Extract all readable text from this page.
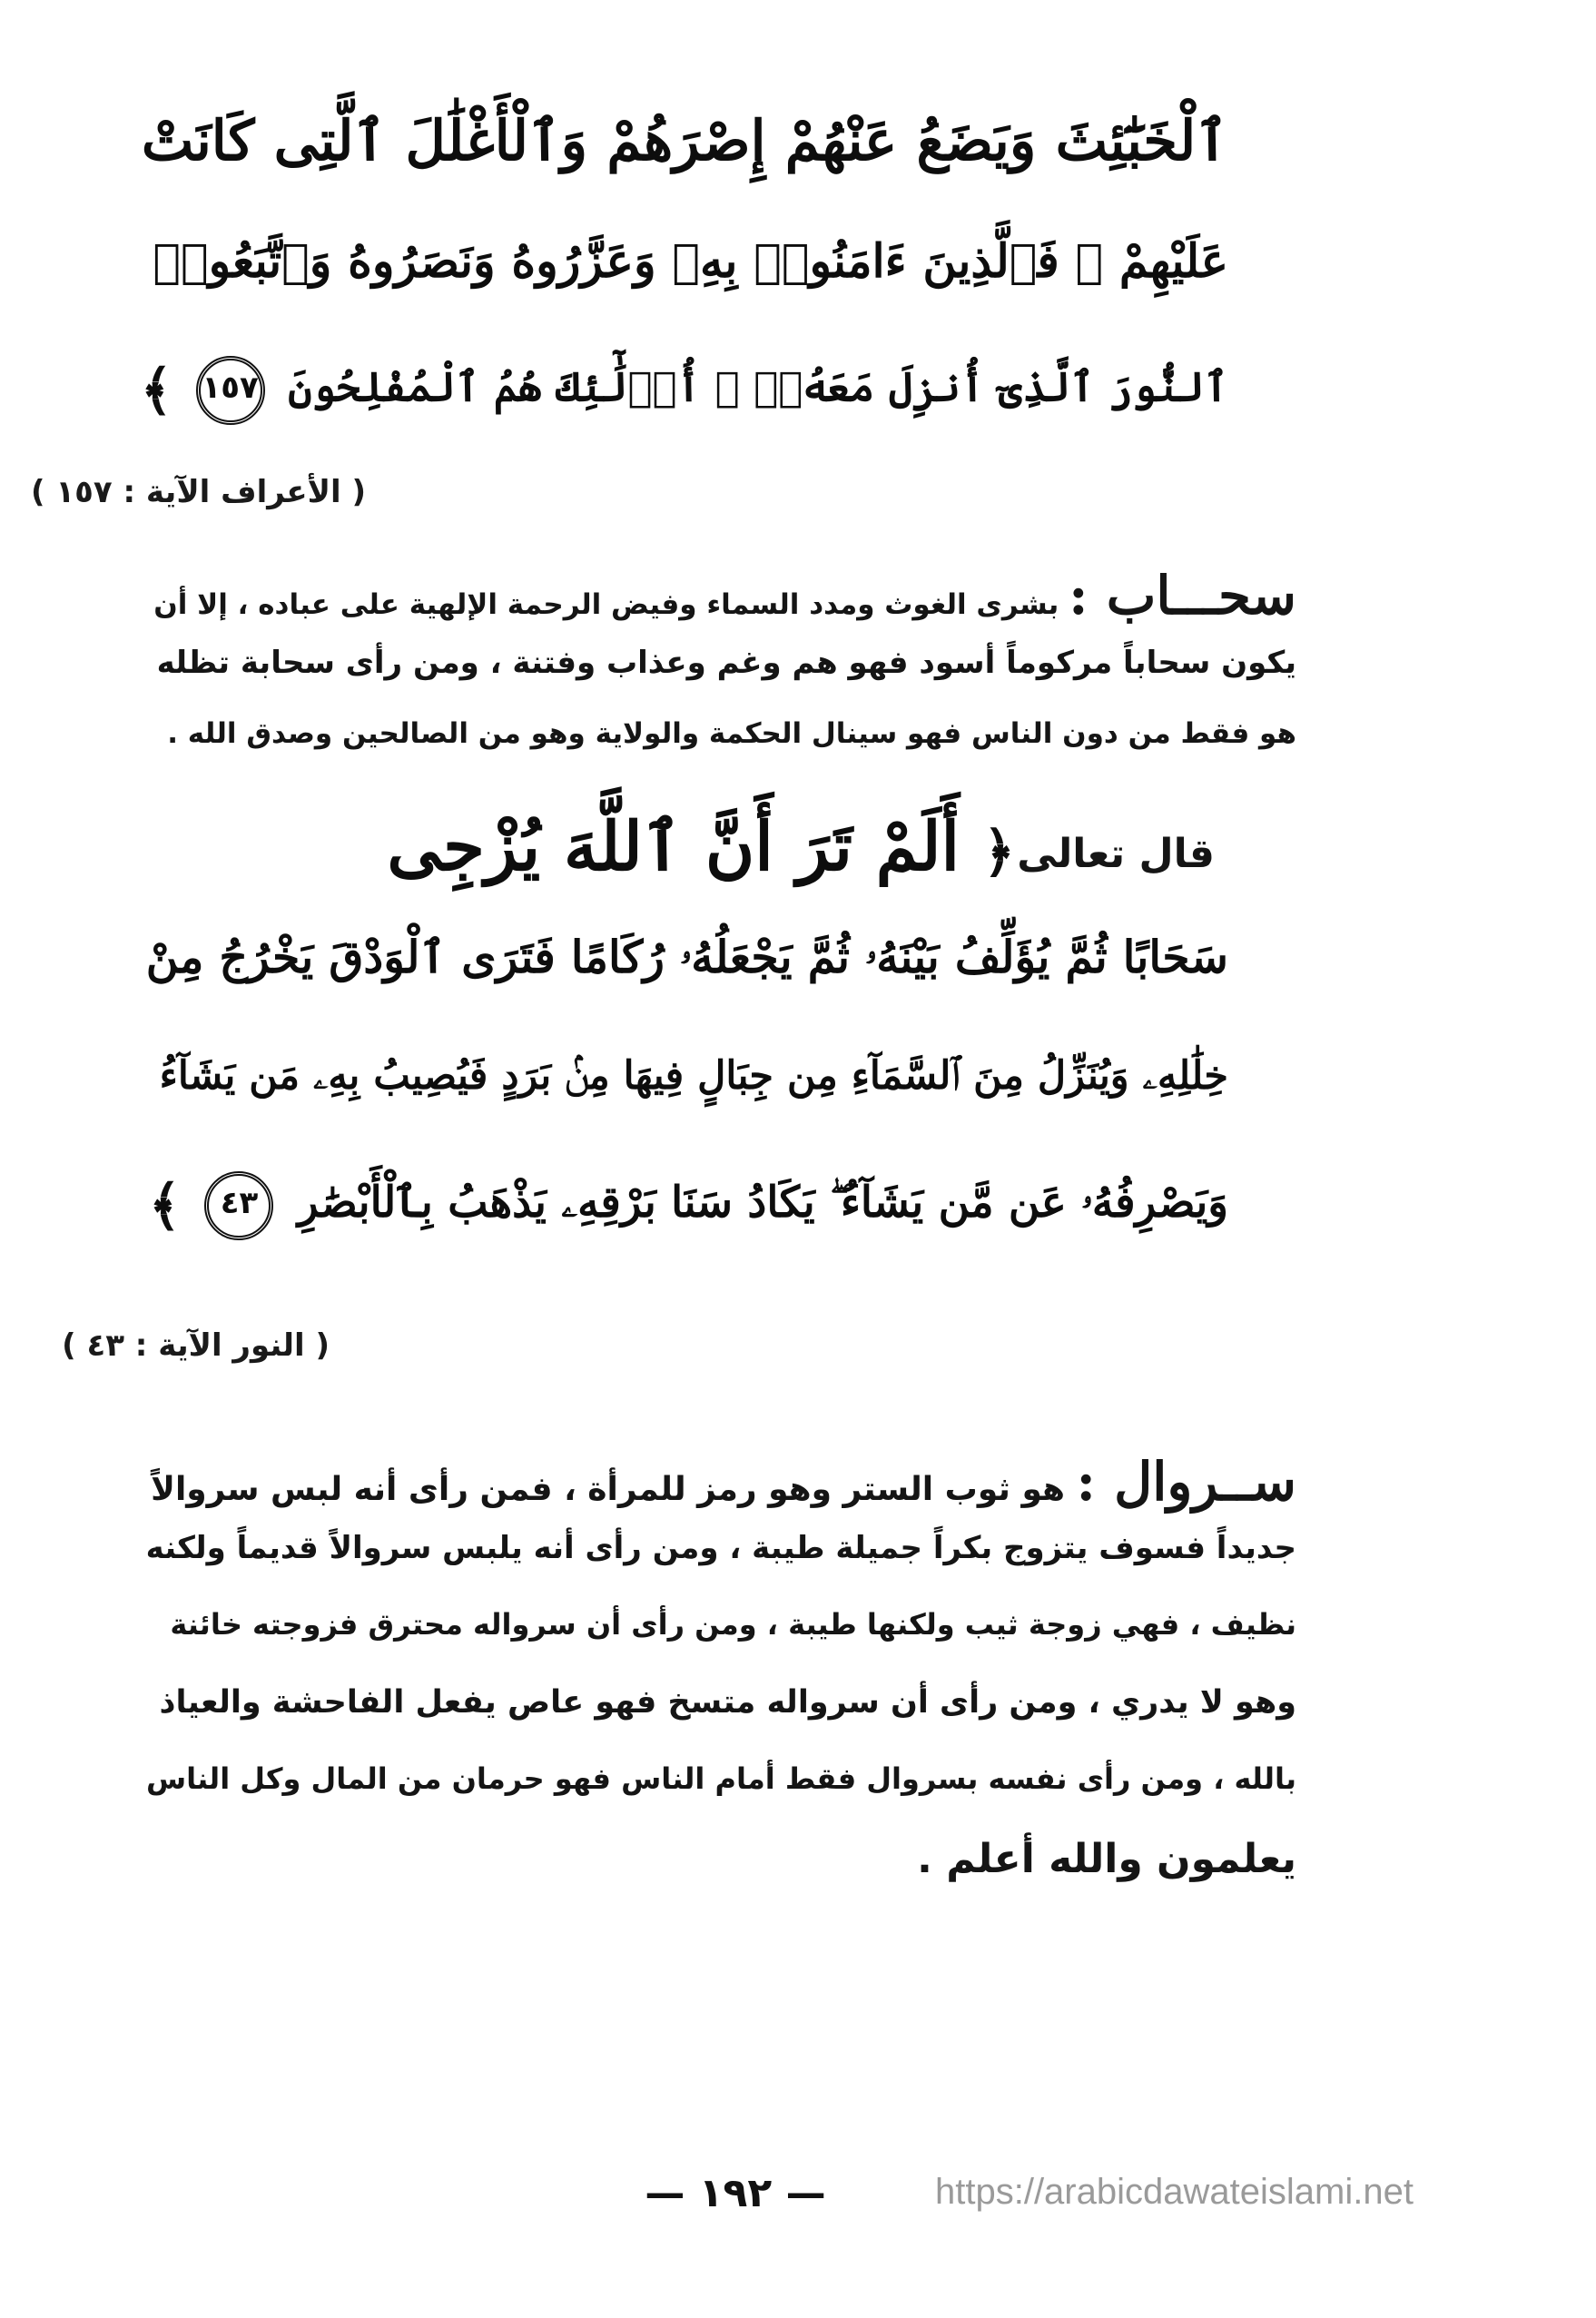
ٱلْخَبَٰٓئِثَ وَيَضَعُ عَنْهُمْ إِصْرَهُمْ وَٱلْأَغْلَٰلَ ٱلَّتِى كَانَتْ
عَلَيْهِمْ ۚ فَٱلَّذِينَ ءَامَنُوا۟ بِهِۦ وَعَزَّرُوهُ وَنَصَرُوهُ وَٱتَّبَعُوا۟
ٱلنُّورَ ٱلَّذِىٓ أُنزِلَ مَعَهُۥٓ ۙ أُو۟لَٰٓئِكَ هُمُ ٱلْمُفْلِحُونَ ١٥٧ ﴾
( الأعراف الآية : ١٥٧ )
سحـــاب : بشرى الغوث ومدد السماء وفيض الرحمة الإلهية على عباده ، إلا أن
يكون سحاباً مركوماً أسود فهو هم وغم وعذاب وفتنة ، ومن رأى سحابة تظله
هو فقط من دون الناس فهو سينال الحكمة والولاية وهو من الصالحين وصدق الله .
قال تعالى
﴿ أَلَمْ تَرَ أَنَّ ٱللَّهَ يُزْجِى
سَحَابًا ثُمَّ يُؤَلِّفُ بَيْنَهُۥ ثُمَّ يَجْعَلُهُۥ رُكَامًا فَتَرَى ٱلْوَدْقَ يَخْرُجُ مِنْ
خِلَٰلِهِۦ وَيُنَزِّلُ مِنَ ٱلسَّمَآءِ مِن جِبَالٍ فِيهَا مِنۢ بَرَدٍ فَيُصِيبُ بِهِۦ مَن يَشَآءُ
وَيَصْرِفُهُۥ عَن مَّن يَشَآءُ ۖ يَكَادُ سَنَا بَرْقِهِۦ يَذْهَبُ بِٱلْأَبْصَٰرِ ٤٣ ﴾
( النور الآية : ٤٣ )
ســروال : هو ثوب الستر وهو رمز للمرأة ، فمن رأى أنه لبس سروالاً
جديداً فسوف يتزوج بكراً جميلة طيبة ، ومن رأى أنه يلبس سروالاً قديماً ولكنه
نظيف ، فهي زوجة ثيب ولكنها طيبة ، ومن رأى أن سرواله محترق فزوجته خائنة
وهو لا يدري ، ومن رأى أن سرواله متسخ فهو عاص يفعل الفاحشة والعياذ
بالله ، ومن رأى نفسه بسروال فقط أمام الناس فهو حرمان من المال وكل الناس
يعلمون والله أعلم .
— ١٩٢ —	https://arabicdawateislami.net
